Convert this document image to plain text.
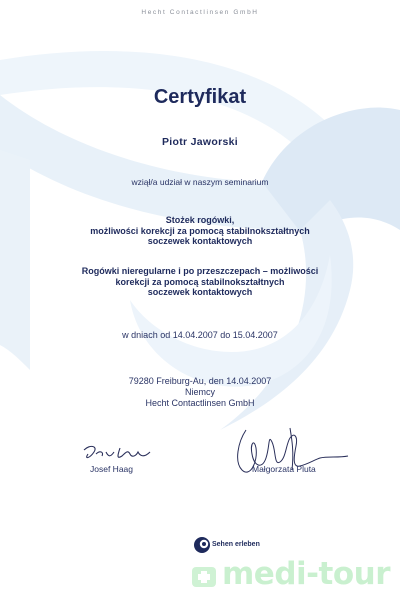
Hecht Contactlinsen GmbH
Certyfikat
Piotr Jaworski
wziął/a udział w naszym seminarium
Stożek rogówki,
możliwości korekcji za pomocą stabilnokształtnych
soczewek kontaktowych
Rogówki nieregularne i po przeszczepach – możliwości
korekcji za pomocą stabilnokształtnych
soczewek kontaktowych
w dniach od 14.04.2007 do 15.04.2007
79280 Freiburg-Au, den 14.04.2007
Niemcy
Hecht Contactlinsen GmbH
Josef Haag	Małgorzata Pluta
Sehen erleben
medi-tour
